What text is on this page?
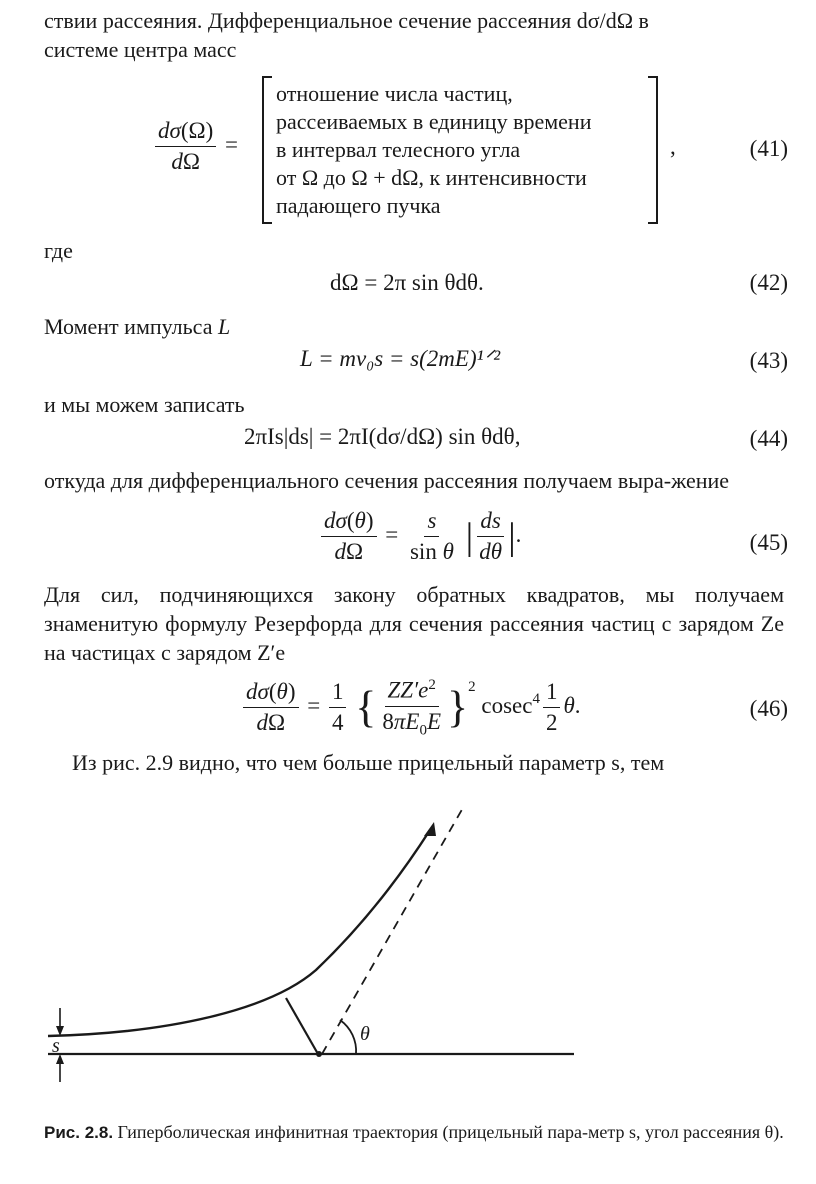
ствии рассеяния. Дифференциальное сечение рассеяния dσ/dΩ в
системе центра масс

$\frac{d\sigma(\Omega)}{d\Omega}$ =
отношение числа частиц,
рассеиваемых в единицу времени
в интервал телесного угла
от Ω до Ω + dΩ, к интенсивности
падающего пучка
,	(41)

где

dΩ = 2π sin θdθ.	(42)

Момент импульса L

L = mv₀s = s(2mE)¹ᐟ²	(43)

и мы можем записать

2πIs|ds| = 2πI(dσ/dΩ) sin θdθ,	(44)

откуда для дифференциального сечения рассеяния получаем выра-жение

$\frac{d\sigma(\theta)}{d\Omega} = \frac{s}{\text{sin θ}}$ | $\frac{ds}{d\theta}$ |.	(45)

Для сил, подчиняющихся закону обратных квадратов, мы получаем знаменитую формулу Резерфорда для сечения рассеяния частиц с зарядом Ze на частицах с зарядом Z′e

$\frac{d\sigma(\theta)}{d\Omega} = \frac{1}{4}$ { $\frac{ZZ'e^2}{8\pi E_0E} \}^2$ $cosec^4 \frac{1}{2} \theta$.	(46)

Из рис. 2.9 видно, что чем больше прицельный параметр s, тем

θ
s
Рис. 2.8. Гиперболическая инфинитная траектория (прицельный пара-метр s, угол рассеяния θ).
